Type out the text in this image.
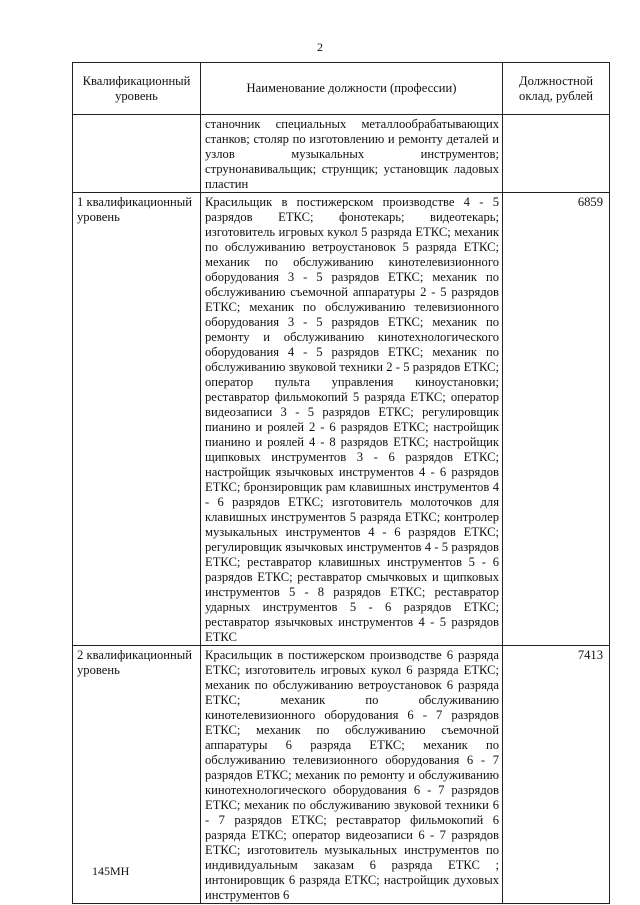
2
Квалификационный уровень	Наименование должности (профессии)	Должностной оклад, рублей
	станочник специальных металлообрабатывающих станков; столяр по изготовлению и ремонту деталей и узлов музыкальных инструментов; струнонавивальщик; струнщик; установщик ладовых пластин	
1 квалификационный уровень	Красильщик в постижерском производстве 4 - 5 разрядов ЕТКС; фонотекарь; видеотекарь; изготовитель игровых кукол 5 разряда ЕТКС; механик по обслуживанию ветроустановок 5 разряда ЕТКС; механик по обслуживанию кинотелевизионного оборудования 3 - 5 разрядов ЕТКС; механик по обслуживанию съемочной аппаратуры 2 - 5 разрядов ЕТКС; механик по обслуживанию телевизионного оборудования 3 - 5 разрядов ЕТКС; механик по ремонту и обслуживанию кинотехнологического оборудования 4 - 5 разрядов ЕТКС; механик по обслуживанию звуковой техники 2 - 5 разрядов ЕТКС; оператор пульта управления киноустановки; реставратор фильмокопий 5 разряда ЕТКС; оператор видеозаписи 3 - 5 разрядов ЕТКС; регулировщик пианино и роялей 2 - 6 разрядов ЕТКС; настройщик пианино и роялей 4 - 8 разрядов ЕТКС; настройщик щипковых инструментов 3 - 6 разрядов ЕТКС; настройщик язычковых инструментов 4 - 6 разрядов ЕТКС; бронзировщик рам клавишных инструментов 4 - 6 разрядов ЕТКС; изготовитель молоточков для клавишных инструментов 5 разряда ЕТКС; контролер музыкальных инструментов 4 - 6 разрядов ЕТКС; регулировщик язычковых инструментов 4 - 5 разрядов ЕТКС; реставратор клавишных инструментов 5 - 6 разрядов ЕТКС; реставратор смычковых и щипковых инструментов 5 - 8 разрядов ЕТКС; реставратор ударных инструментов 5 - 6 разрядов ЕТКС; реставратор язычковых инструментов 4 - 5 разрядов ЕТКС	6859
2 квалификационный уровень	Красильщик в постижерском производстве 6 разряда ЕТКС; изготовитель игровых кукол 6 разряда ЕТКС; механик по обслуживанию ветроустановок 6 разряда ЕТКС; механик по обслуживанию кинотелевизионного оборудования 6 - 7 разрядов ЕТКС; механик по обслуживанию съемочной аппаратуры 6 разряда ЕТКС; механик по обслуживанию телевизионного оборудования 6 - 7 разрядов ЕТКС; механик по ремонту и обслуживанию кинотехнологического оборудования 6 - 7 разрядов ЕТКС; механик по обслуживанию звуковой техники 6 - 7 разрядов ЕТКС; реставратор фильмокопий 6 разряда ЕТКС; оператор видеозаписи 6 - 7 разрядов ЕТКС; изготовитель музыкальных инструментов по индивидуальным заказам 6 разряда ЕТКС ; интонировщик 6 разряда ЕТКС; настройщик духовых инструментов 6	7413
145МН
